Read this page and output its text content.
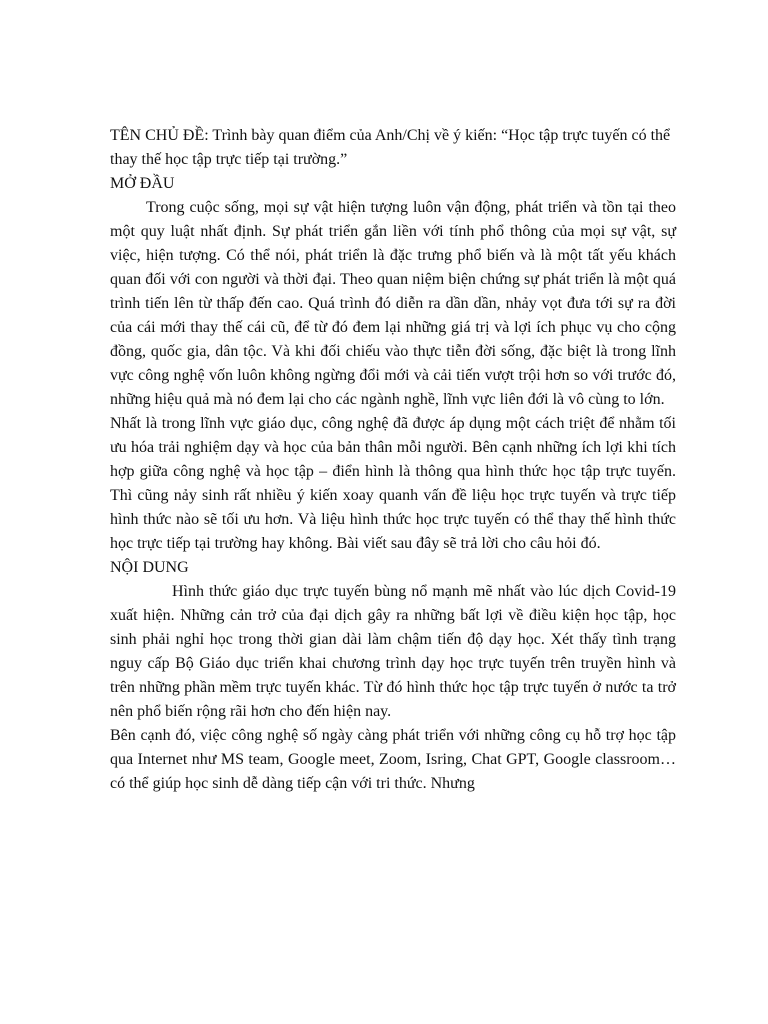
TÊN CHỦ ĐỀ: Trình bày quan điểm của Anh/Chị về ý kiến: “Học tập trực tuyến có thể thay thế học tập trực tiếp tại trường.”

MỞ ĐẦU

Trong cuộc sống, mọi sự vật hiện tượng luôn vận động, phát triển và tồn tại theo một quy luật nhất định. Sự phát triển gắn liền với tính phổ thông của mọi sự vật, sự việc, hiện tượng. Có thể nói, phát triển là đặc trưng phổ biến và là một tất yếu khách quan đối với con người và thời đại. Theo quan niệm biện chứng sự phát triển là một quá trình tiến lên từ thấp đến cao. Quá trình đó diễn ra dần dần, nhảy vọt đưa tới sự ra đời của cái mới thay thế cái cũ, để từ đó đem lại những giá trị và lợi ích phục vụ cho cộng đồng, quốc gia, dân tộc. Và khi đối chiếu vào thực tiễn đời sống, đặc biệt là trong lĩnh vực công nghệ vốn luôn không ngừng đổi mới và cải tiến vượt trội hơn so với trước đó, những hiệu quả mà nó đem lại cho các ngành nghề, lĩnh vực liên đới là vô cùng to lớn.

Nhất là trong lĩnh vực giáo dục, công nghệ đã được áp dụng một cách triệt để nhằm tối ưu hóa trải nghiệm dạy và học của bản thân mỗi người. Bên cạnh những ích lợi khi tích hợp giữa công nghệ và học tập – điển hình là thông qua hình thức học tập trực tuyến. Thì cũng nảy sinh rất nhiều ý kiến xoay quanh vấn đề liệu học trực tuyến và trực tiếp hình thức nào sẽ tối ưu hơn. Và liệu hình thức học trực tuyến có thể thay thế hình thức học trực tiếp tại trường hay không. Bài viết sau đây sẽ trả lời cho câu hỏi đó.

NỘI DUNG

Hình thức giáo dục trực tuyến bùng nổ mạnh mẽ nhất vào lúc dịch Covid-19 xuất hiện. Những cản trở của đại dịch gây ra những bất lợi về điều kiện học tập, học sinh phải nghỉ học trong thời gian dài làm chậm tiến độ dạy học. Xét thấy tình trạng nguy cấp Bộ Giáo dục triển khai chương trình dạy học trực tuyến trên truyền hình và trên những phần mềm trực tuyến khác. Từ đó hình thức học tập trực tuyến ở nước ta trở nên phổ biến rộng rãi hơn cho đến hiện nay.

Bên cạnh đó, việc công nghệ số ngày càng phát triển với những công cụ hỗ trợ học tập qua Internet như MS team, Google meet, Zoom, Isring, Chat GPT, Google classroom… có thể giúp học sinh dễ dàng tiếp cận với tri thức. Nhưng
